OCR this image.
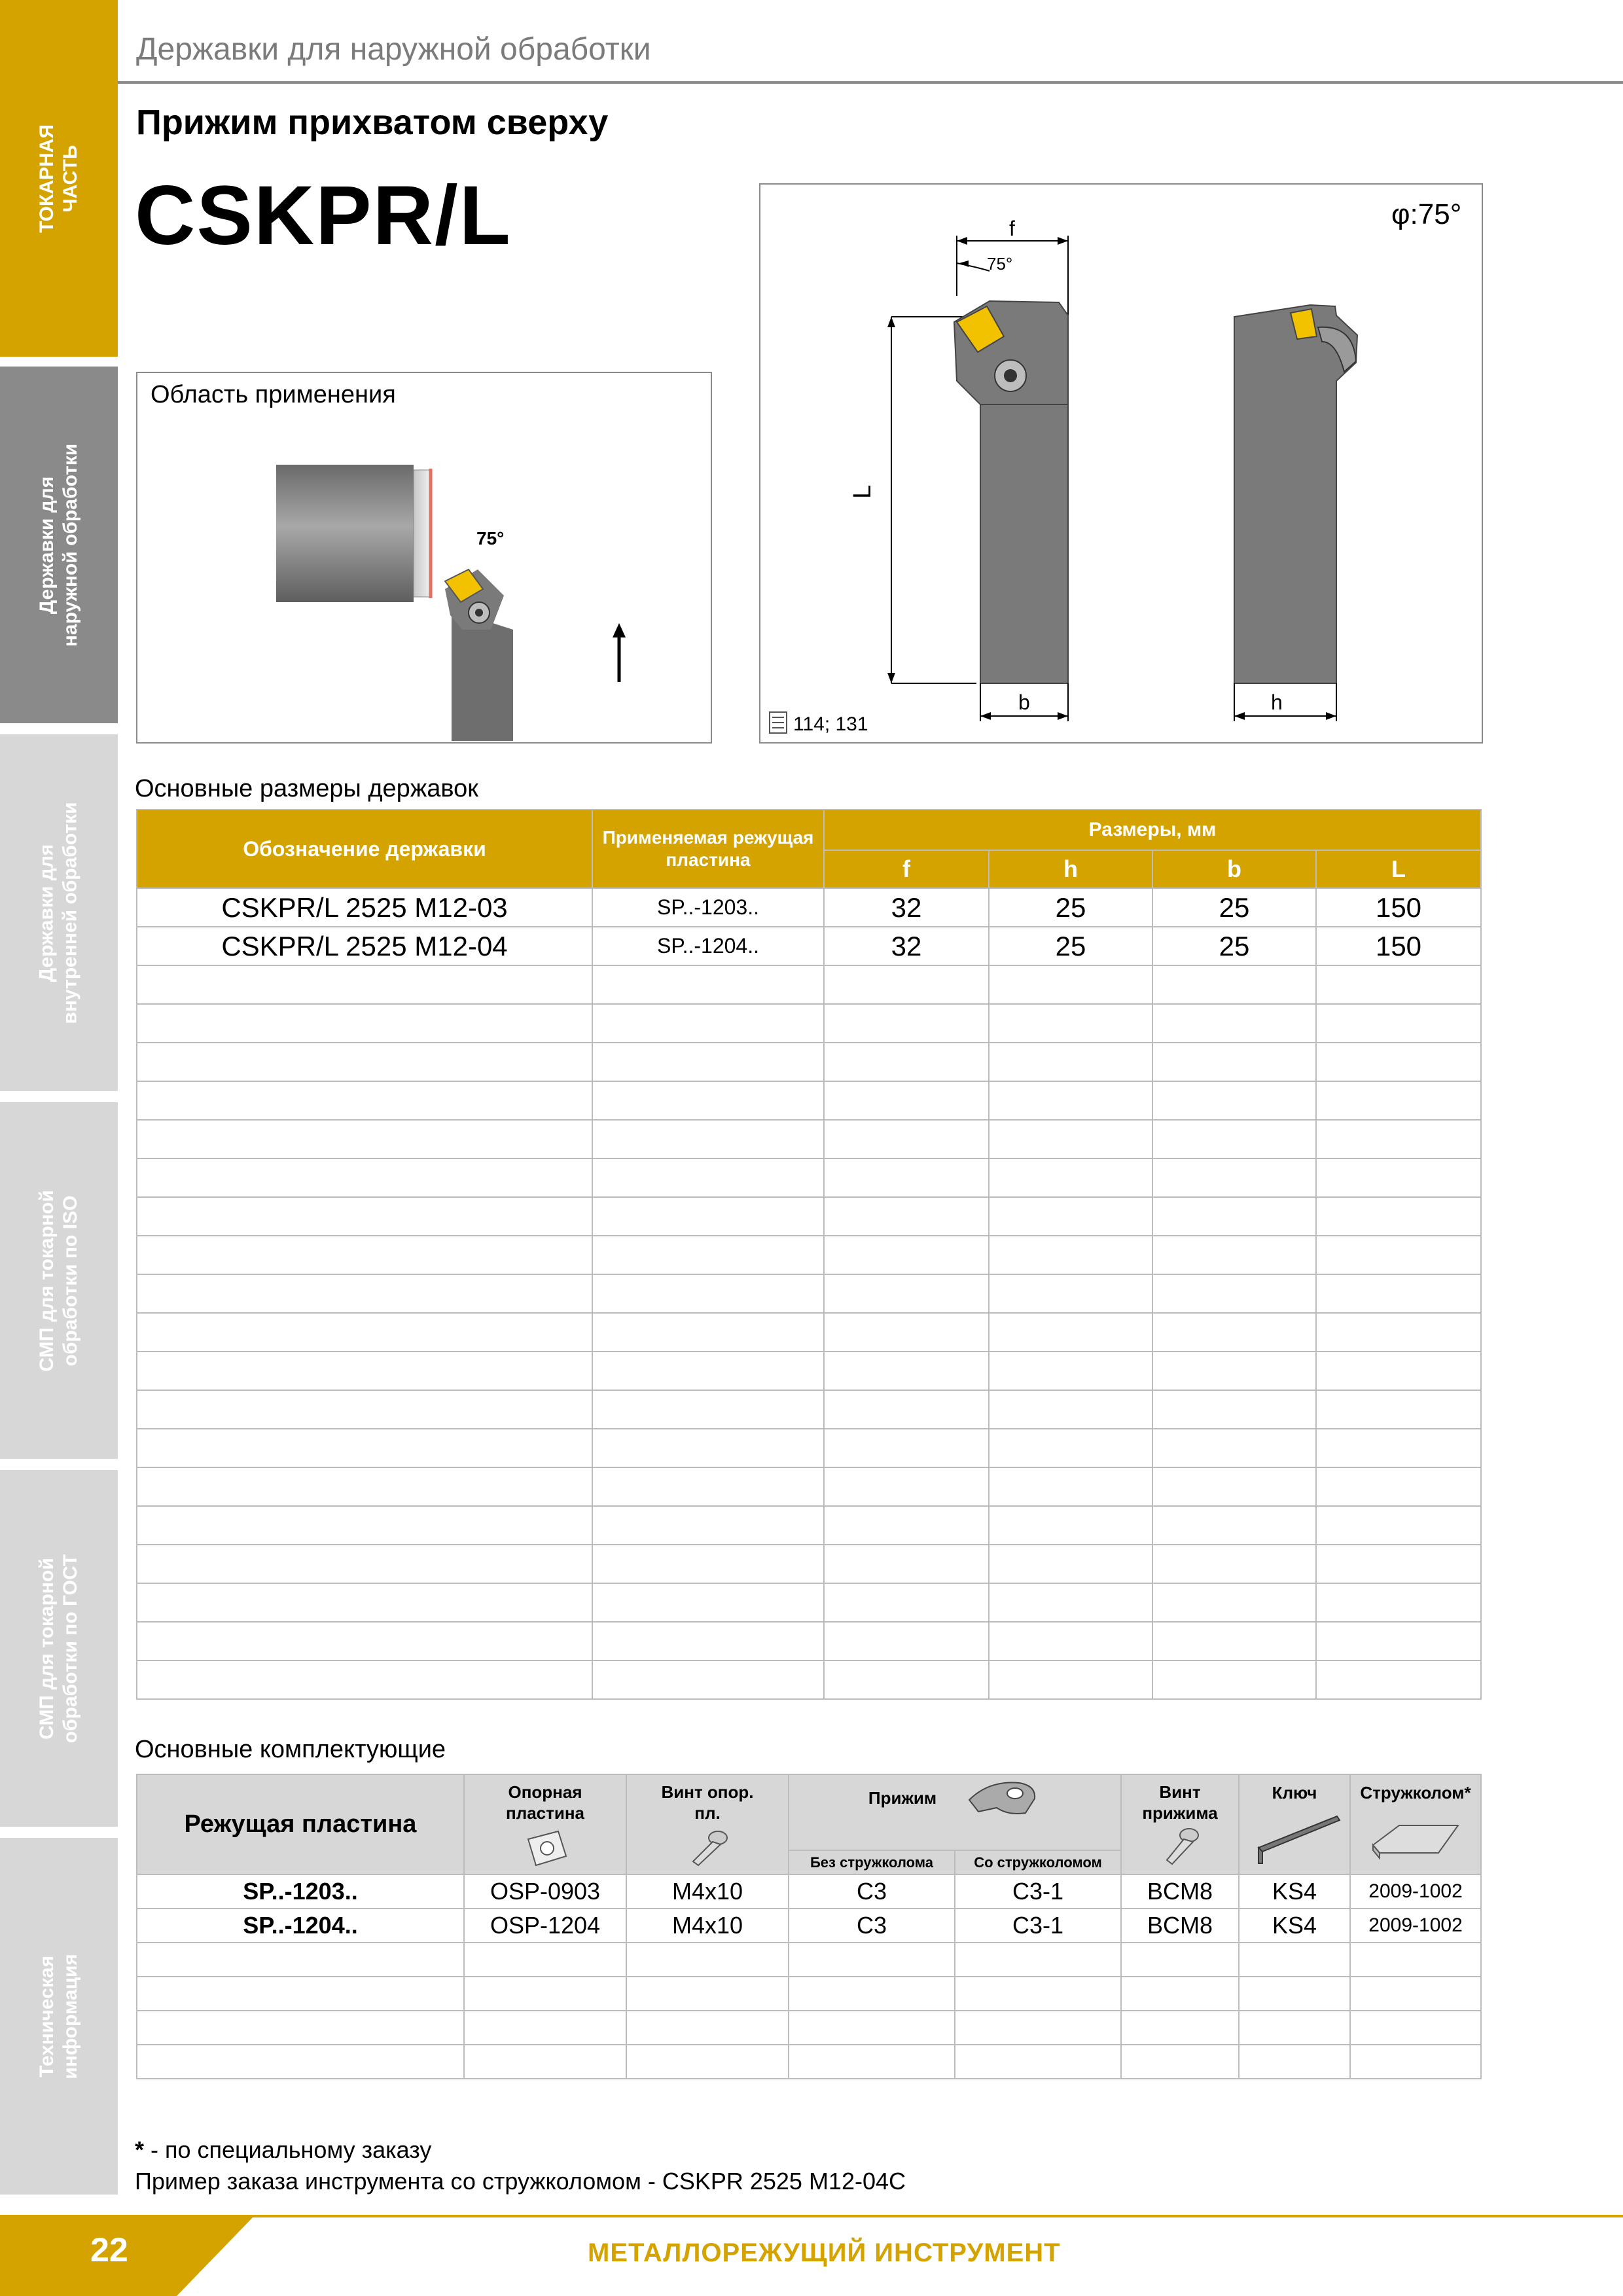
ТОКАРНАЯ ЧАСТЬ
Державки для наружной обработки
Державки для внутренней обработки
СМП для токарной обработки по ISO
СМП для токарной обработки по ГОСТ
Техническая информация
Державки для наружной обработки
Прижим прихватом сверху
CSKPR/L
Область применения
75°
φ:75°
f
75°
L
b	h
114; 131
Основные размеры державок
Обозначение державки	Применяемая режущая пластина	Размеры, мм			
		f	h	b	L
CSKPR/L 2525 M12-03	SP..-1203..	32	25	25	150
CSKPR/L 2525 M12-04	SP..-1204..	32	25	25	150

Основные комплектующие
Режущая пластина	Опорная пластина	Винт опор. пл.	Прижим		Винт прижима	Ключ	Стружколом*

			Без стружколома	Со стружколомом			
SP..-1203..	OSP-0903	M4x10	C3	C3-1	BCM8	KS4	2009-1002
SP..-1204..	OSP-1204	M4x10	C3	C3-1	BCM8	KS4	2009-1002

* - по специальному заказу
Пример заказа инструмента со стружколомом - CSKPR 2525 M12-04C
22	МЕТАЛЛОРЕЖУЩИЙ ИНСТРУМЕНТ
